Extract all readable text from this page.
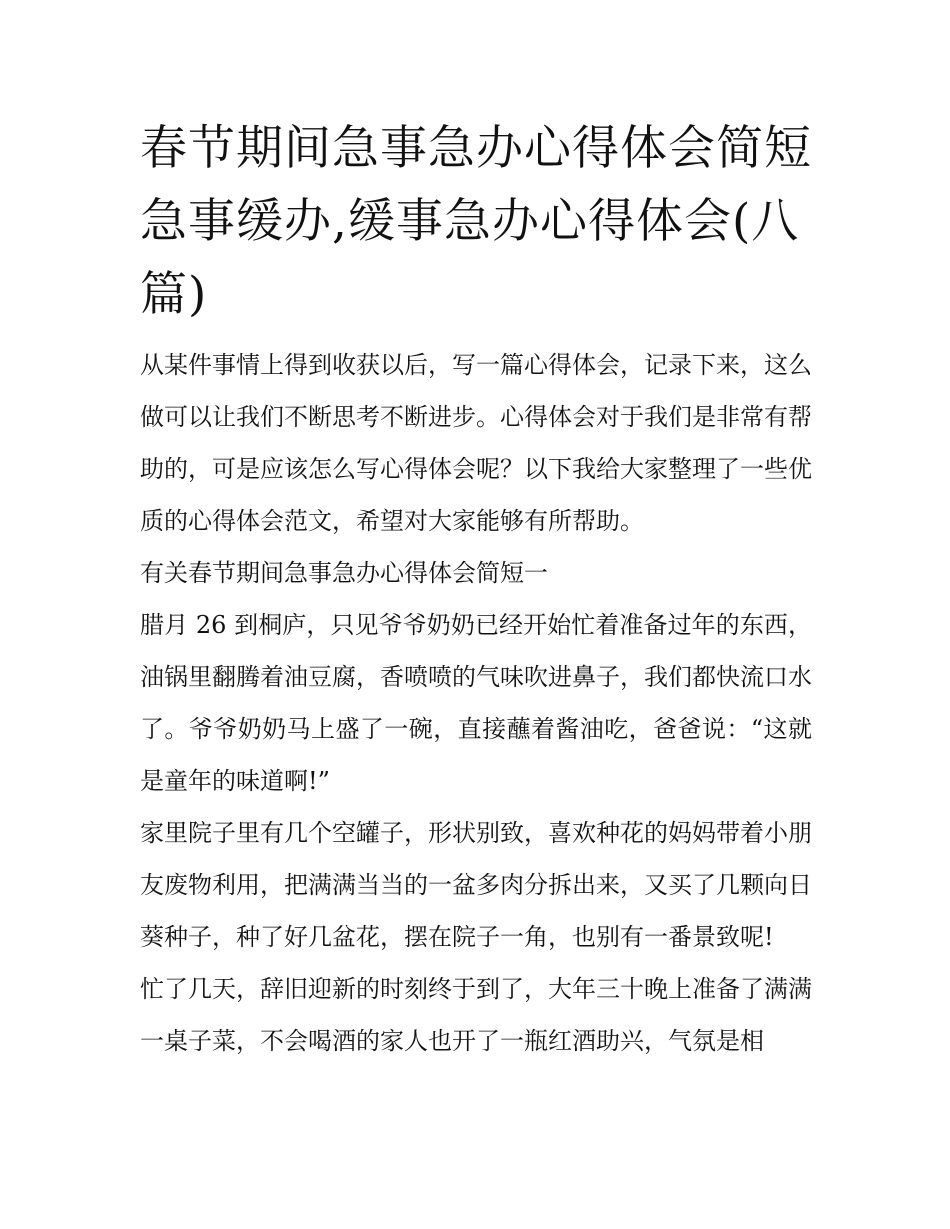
春节期间急事急办心得体会简短 急事缓办,缓事急办心得体会(八篇)

从某件事情上得到收获以后，写一篇心得体会，记录下来，这么做可以让我们不断思考不断进步。心得体会对于我们是非常有帮助的，可是应该怎么写心得体会呢？以下我给大家整理了一些优质的心得体会范文，希望对大家能够有所帮助。

有关春节期间急事急办心得体会简短一

腊月 26 到桐庐，只见爷爷奶奶已经开始忙着准备过年的东西，油锅里翻腾着油豆腐，香喷喷的气味吹进鼻子，我们都快流口水了。爷爷奶奶马上盛了一碗，直接蘸着酱油吃，爸爸说：“这就是童年的味道啊!”

家里院子里有几个空罐子，形状别致，喜欢种花的妈妈带着小朋友废物利用，把满满当当的一盆多肉分拆出来，又买了几颗向日葵种子，种了好几盆花，摆在院子一角，也别有一番景致呢!

忙了几天，辞旧迎新的时刻终于到了，大年三十晚上准备了满满一桌子菜，不会喝酒的家人也开了一瓶红酒助兴，气氛是相
